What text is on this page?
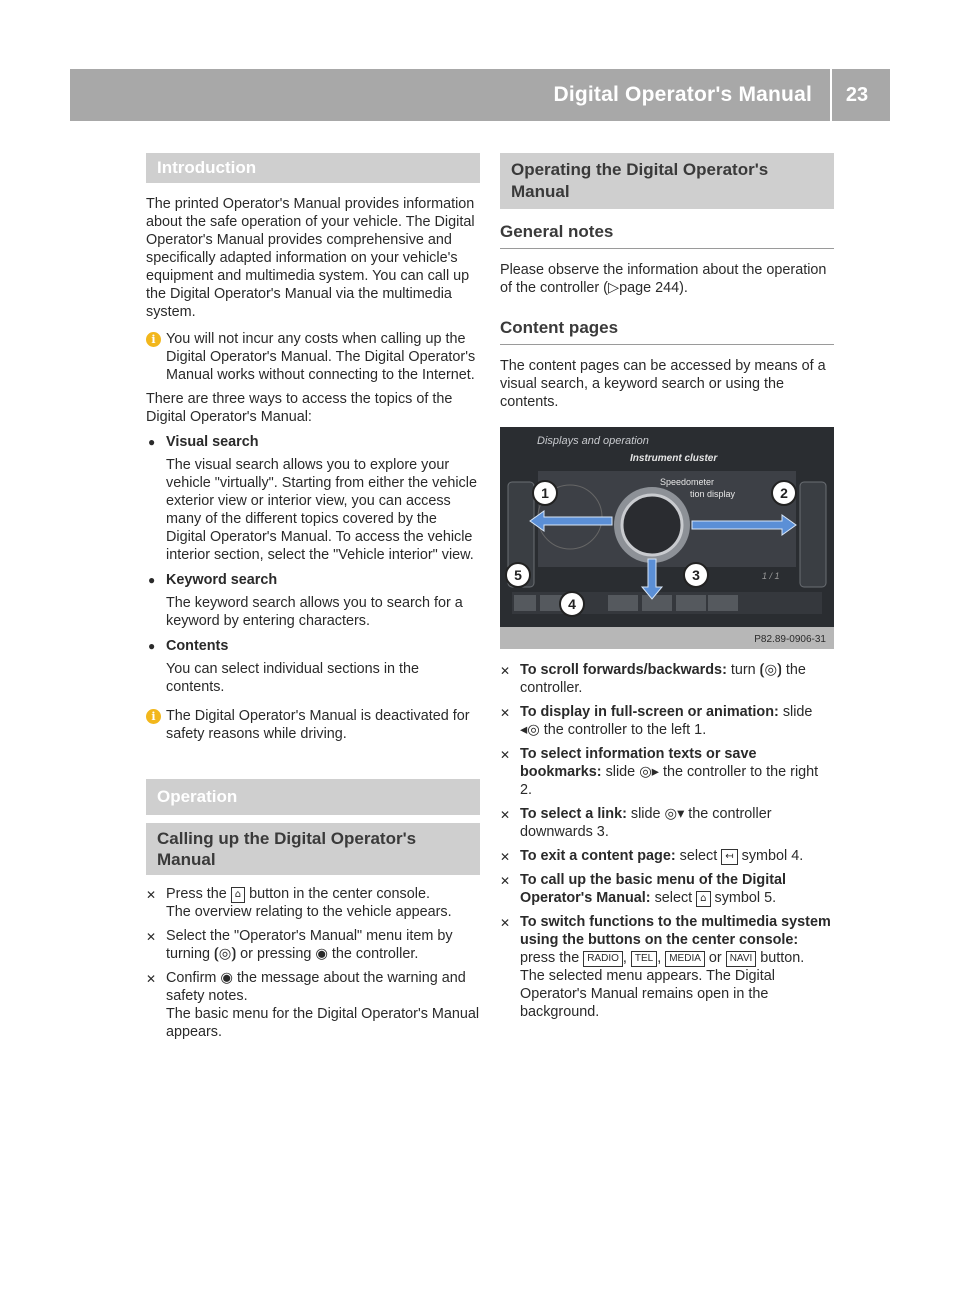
Digital Operator's Manual	23
Introduction

The printed Operator's Manual provides information about the safe operation of your vehicle. The Digital Operator's Manual provides comprehensive and specifically adapted information on your vehicle's equipment and multimedia system. You can call up the Digital Operator's Manual via the multimedia system.

i You will not incur any costs when calling up the Digital Operator's Manual. The Digital Operator's Manual works without connecting to the Internet.

There are three ways to access the topics of the Digital Operator's Manual:

● Visual search
The visual search allows you to explore your vehicle "virtually". Starting from either the vehicle exterior view or interior view, you can access many of the different topics covered by the Digital Operator's Manual. To access the vehicle interior section, select the "Vehicle interior" view.
● Keyword search
The keyword search allows you to search for a keyword by entering characters.
● Contents
You can select individual sections in the contents.
i The Digital Operator's Manual is deactivated for safety reasons while driving.
Operation
Calling up the Digital Operator's Manual
✕ Press the ⌂ button in the center console.
The overview relating to the vehicle appears.
✕ Select the "Operator's Manual" menu item by turning ⟮◎⟯ or pressing ◉ the controller.
✕ Confirm ◉ the message about the warning and safety notes.
The basic menu for the Digital Operator's Manual appears.
Operating the Digital Operator's Manual
General notes

Please observe the information about the operation of the controller (▷page 244).

Content pages

The content pages can be accessed by means of a visual search, a keyword search or using the contents.

1	2
3
4
5
Displays and operation
Instrument cluster
Speedometer
tion display
1 / 1
P82.89-0906-31
✕ To scroll forwards/backwards: turn ⟮◎⟯ the controller.
✕ To display in full-screen or animation: slide ◂◎ the controller to the left 1.
✕ To select information texts or save bookmarks: slide ◎▸ the controller to the right 2.
✕ To select a link: slide ◎▾ the controller downwards 3.
✕ To exit a content page: select ↤ symbol 4.
✕ To call up the basic menu of the Digital Operator's Manual: select ⌂ symbol 5.
✕ To switch functions to the multimedia system using the buttons on the center console: press the RADIO , TEL , MEDIA or NAVI button.
The selected menu appears. The Digital Operator's Manual remains open in the background.
